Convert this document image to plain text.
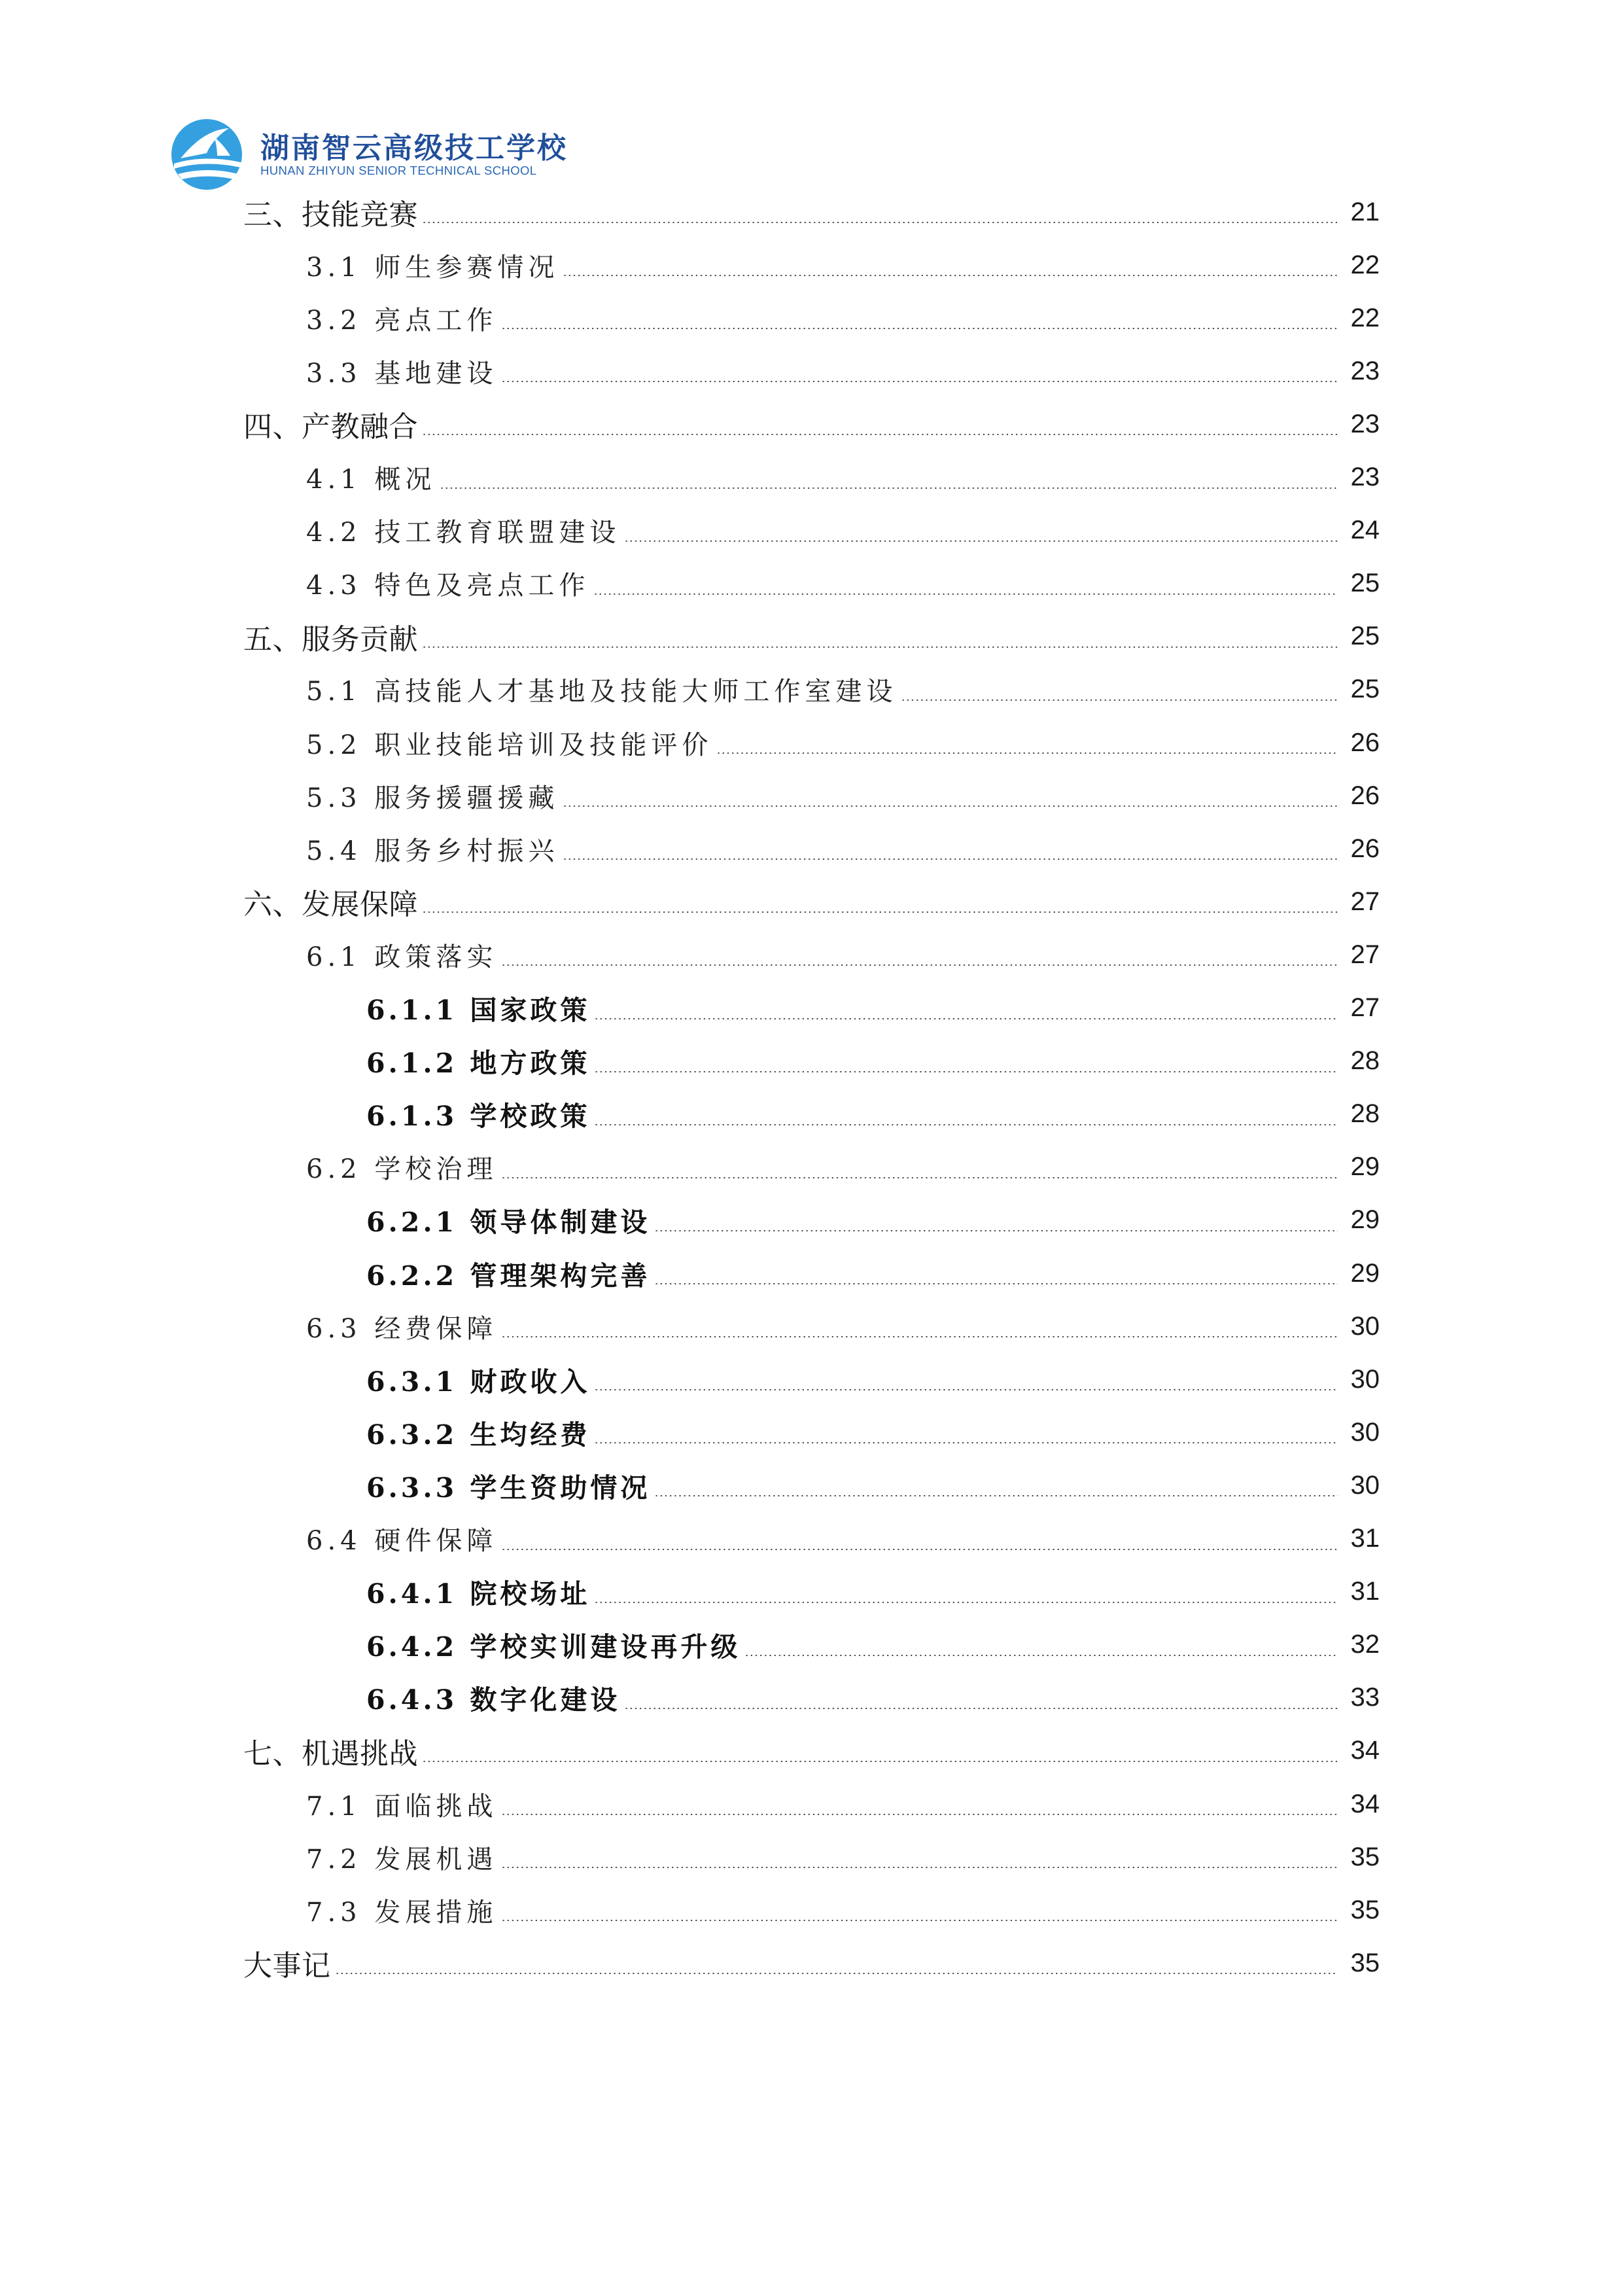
湖南智云高级技工学校
HUNAN ZHIYUN SENIOR TECHNICAL SCHOOL
三、技能竞赛	21
3.1 师生参赛情况	22
3.2 亮点工作	22
3.3 基地建设	23
四、产教融合	23
4.1 概况	23
4.2 技工教育联盟建设	24
4.3 特色及亮点工作	25
五、服务贡献	25
5.1 高技能人才基地及技能大师工作室建设	25
5.2 职业技能培训及技能评价	26
5.3 服务援疆援藏	26
5.4 服务乡村振兴	26
六、发展保障	27
6.1 政策落实	27
6.1.1 国家政策	27
6.1.2 地方政策	28
6.1.3 学校政策	28
6.2 学校治理	29
6.2.1 领导体制建设	29
6.2.2 管理架构完善	29
6.3 经费保障	30
6.3.1 财政收入	30
6.3.2 生均经费	30
6.3.3 学生资助情况	30
6.4 硬件保障	31
6.4.1 院校场址	31
6.4.2 学校实训建设再升级	32
6.4.3 数字化建设	33
七、机遇挑战	34
7.1 面临挑战	34
7.2 发展机遇	35
7.3 发展措施	35
大事记	35
